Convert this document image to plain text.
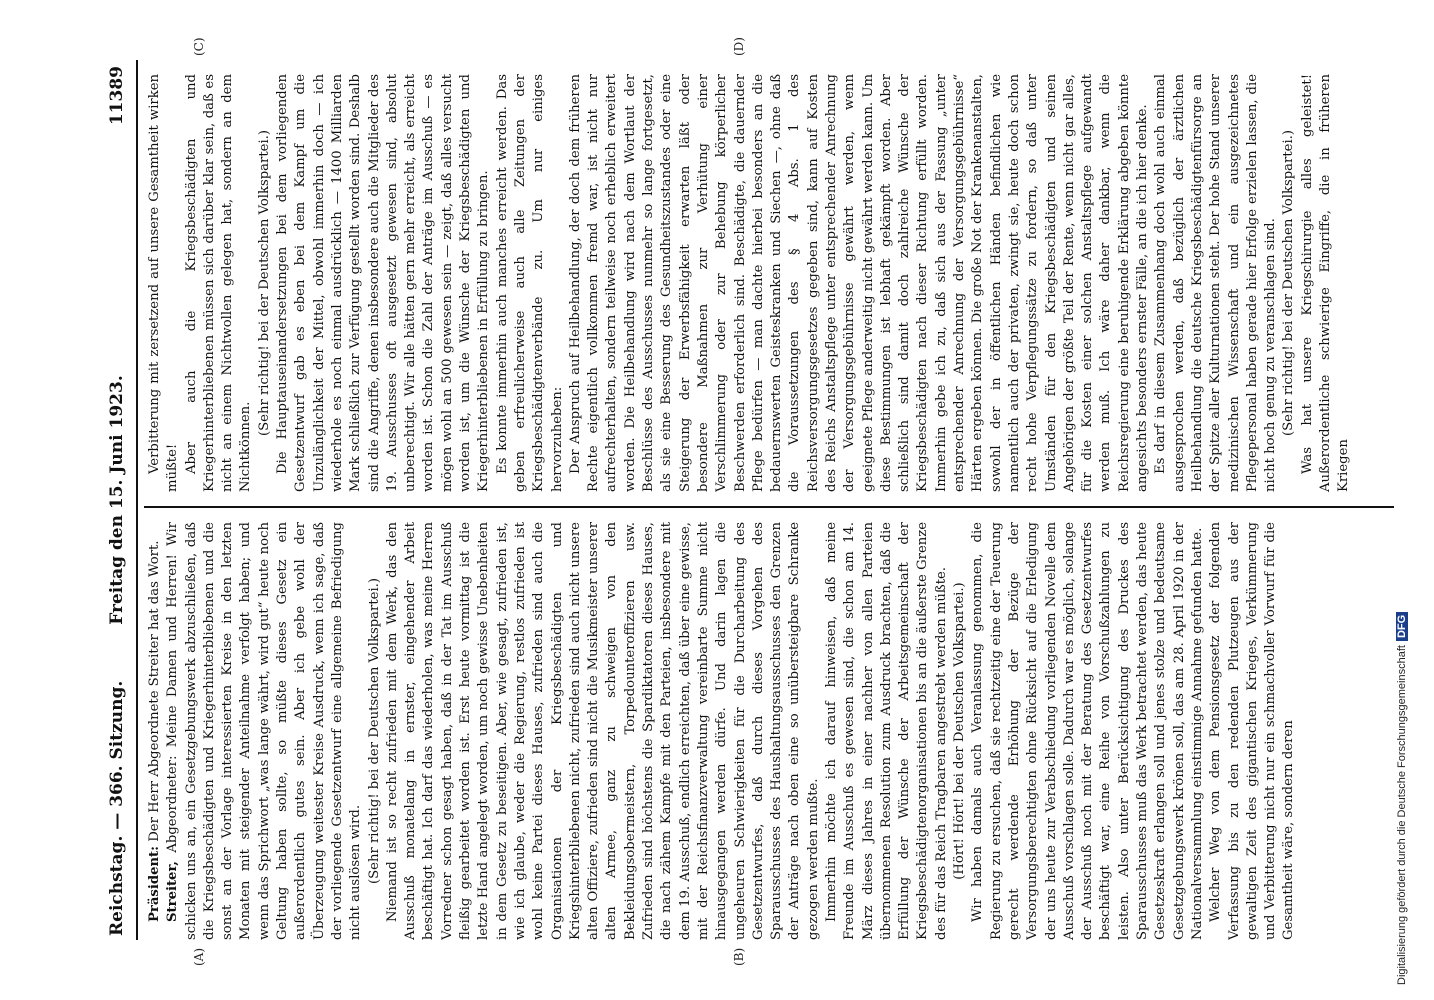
Reichstag. — 366. Sitzung.
Freitag den 15. Juni 1923.
11389
(A)	(B)
(C)	(D)

Präsident: Der Herr Abgeordnete Streiter hat das Wort.

Streiter, Abgeordneter: Meine Damen und Herren! Wir schicken uns an, ein Gesetzgebungswerk abzuschließen, daß die Kriegsbeschädigten und Kriegerhinterbliebenen und die sonst an der Vorlage interessierten Kreise in den letzten Monaten mit steigender Anteilnahme verfolgt haben; und wenn das Sprichwort „was lange währt, wird gut“ heute noch Geltung haben sollte, so müßte dieses Gesetz ein außerordentlich gutes sein. Aber ich gebe wohl der Überzeugung weitester Kreise Ausdruck, wenn ich sage, daß der vorliegende Gesetzentwurf eine allgemeine Befriedigung nicht auslösen wird. (Sehr richtig! bei der Deutschen Volkspartei.) Niemand ist so recht zufrieden mit dem Werk, das den Ausschuß monatelang in ernster, eingehender Arbeit beschäftigt hat. Ich darf das wiederholen, was meine Herren Vorredner schon gesagt haben, daß in der Tat im Ausschuß fleißig gearbeitet worden ist. Erst heute vormittag ist die letzte Hand angelegt worden, um noch gewisse Unebenheiten in dem Gesetz zu beseitigen. Aber, wie gesagt, zufrieden ist, wie ich glaube, weder die Regierung, restlos zufrieden ist wohl keine Partei dieses Hauses, zufrieden sind auch die Organisationen der Kriegsbeschädigten und Kriegshinterbliebenen nicht, zufrieden sind auch nicht unsere alten Offiziere, zufrieden sind nicht die Musikmeister unserer alten Armee, ganz zu schweigen von den Bekleidungsobermeistern, Torpedounteroffizieren usw. Zufrieden sind höchstens die Spardiktatoren dieses Hauses, die nach zähem Kampfe mit den Parteien, insbesondere mit dem 19. Ausschuß, endlich erreichten, daß über eine gewisse, mit der Reichsfinanzverwaltung vereinbarte Summe nicht hinausgegangen werden dürfe. Und darin lagen die ungeheuren Schwierigkeiten für die Durcharbeitung des Gesetzentwurfes, daß durch dieses Vorgehen des Sparausschusses des Haushaltungsausschusses den Grenzen der Anträge nach oben eine so unübersteigbare Schranke gezogen werden mußte. Immerhin möchte ich darauf hinweisen, daß meine Freunde im Ausschuß es gewesen sind, die schon am 14. März dieses Jahres in einer nachher von allen Parteien übernommenen Resolution zum Ausdruck brachten, daß die Erfüllung der Wünsche der Arbeitsgemeinschaft der Kriegsbeschädigtenorganisationen bis an die äußerste Grenze des für das Reich Tragbaren angestrebt werden müßte. (Hört! Hört! bei der Deutschen Volkspartei.) Wir haben damals auch Veranlassung genommen, die Regierung zu ersuchen, daß sie rechtzeitig eine der Teuerung gerecht werdende Erhöhung der Bezüge der Versorgungsberechtigten ohne Rücksicht auf die Erledigung der uns heute zur Verabschiedung vorliegenden Novelle dem Ausschuß vorschlagen solle. Dadurch war es möglich, solange der Ausschuß noch mit der Beratung des Gesetzentwurfes beschäftigt war, eine Reihe von Vorschußzahlungen zu leisten. Also unter Berücksichtigung des Druckes des Sparausschusses muß das Werk betrachtet werden, das heute Gesetzeskraft erlangen soll und jenes stolze und bedeutsame Gesetzgebungswerk krönen soll, das am 28. April 1920 in der Nationalversammlung einstimmige Annahme gefunden hatte. Welcher Weg von dem Pensionsgesetz der folgenden Verfassung bis zu den redenden Plutzeugen aus der gewaltigen Zeit des gigantischen Krieges, Verkümmerung und Verbitterung nicht nur ein schmachvoller Vorwurf für die Gesamtheit wäre, sondern deren

Verbitterung mit zersetzend auf unsere Gesamtheit wirken müßte! Aber auch die Kriegsbeschädigten und Kriegerhinterbliebenen müssen sich darüber klar sein, daß es nicht an einem Nichtwollen gelegen hat, sondern an dem Nichtkönnen.

(Sehr richtig! bei der Deutschen Volkspartei.) Die Hauptauseinandersetzungen bei dem vorliegenden Gesetzentwurf gab es eben bei dem Kampf um die Unzulänglichkeit der Mittel, obwohl immerhin doch — ich wiederhole es noch einmal ausdrücklich — 1400 Milliarden Mark schließlich zur Verfügung gestellt worden sind. Deshalb sind die Angriffe, denen insbesondere auch die Mitglieder des 19. Ausschusses oft ausgesetzt gewesen sind, absolut unberechtigt. Wir alle hätten gern mehr erreicht, als erreicht worden ist. Schon die Zahl der Anträge im Ausschuß — es mögen wohl an 500 gewesen sein — zeigt, daß alles versucht worden ist, um die Wünsche der Kriegsbeschädigten und Kriegerhinterbliebenen in Erfüllung zu bringen. Es konnte immerhin auch manches erreicht werden. Das geben erfreulicherweise auch alle Zeitungen der Kriegsbeschädigtenverbände zu. Um nur einiges hervorzuheben: Der Anspruch auf Heilbehandlung, der doch dem früheren Rechte eigentlich vollkommen fremd war, ist nicht nur aufrechterhalten, sondern teilweise noch erheblich erweitert worden. Die Heilbehandlung wird nach dem Wortlaut der Beschlüsse des Ausschusses nunmehr so lange fortgesetzt, als sie eine Besserung des Gesundheitszustandes oder eine Steigerung der Erwerbsfähigkeit erwarten läßt oder besondere Maßnahmen zur Verhütung einer Verschlimmerung oder zur Behebung körperlicher Beschwerden erforderlich sind. Beschädigte, die dauernder Pflege bedürfen — man dachte hierbei besonders an die bedauernswerten Geisteskranken und Siechen —, ohne daß die Voraussetzungen des § 4 Abs. 1 des Reichsversorgungsgesetzes gegeben sind, kann auf Kosten des Reichs Anstaltspflege unter entsprechender Anrechnung der Versorgungsgebührnisse gewährt werden, wenn geeignete Pflege anderweitig nicht gewährt werden kann. Um diese Bestimmungen ist lebhaft gekämpft worden. Aber schließlich sind damit doch zahlreiche Wünsche der Kriegsbeschädigten nach dieser Richtung erfüllt worden. Immerhin gebe ich zu, daß sich aus der Fassung „unter entsprechender Anrechnung der Versorgungsgebührnisse“ Härten ergeben können. Die große Not der Krankenanstalten, sowohl der in öffentlichen Händen befindlichen wie namentlich auch der privaten, zwingt sie, heute doch schon recht hohe Verpflegungssätze zu fordern, so daß unter Umständen für den Kriegsbeschädigten und seinen Angehörigen der größte Teil der Rente, wenn nicht gar alles, für die Kosten einer solchen Anstaltspflege aufgewandt werden muß. Ich wäre daher dankbar, wenn die Reichsregierung eine beruhigende Erklärung abgeben könnte angesichts besonders ernster Fälle, an die ich hier denke. Es darf in diesem Zusammenhang doch wohl auch einmal ausgesprochen werden, daß bezüglich der ärztlichen Heilbehandlung die deutsche Kriegsbeschädigtenfürsorge an der Spitze aller Kulturnationen steht. Der hohe Stand unserer medizinischen Wissenschaft und ein ausgezeichnetes Pflegepersonal haben gerade hier Erfolge erzielen lassen, die nicht hoch genug zu veranschlagen sind. (Sehr richtig! bei der Deutschen Volkspartei.) Was hat unsere Kriegschirurgie alles geleistet! Außerordentliche schwierige Eingriffe, die in früheren Kriegen

Digitalisierung gefördert durch die Deutsche ForschungsgemeinschaftDFG
